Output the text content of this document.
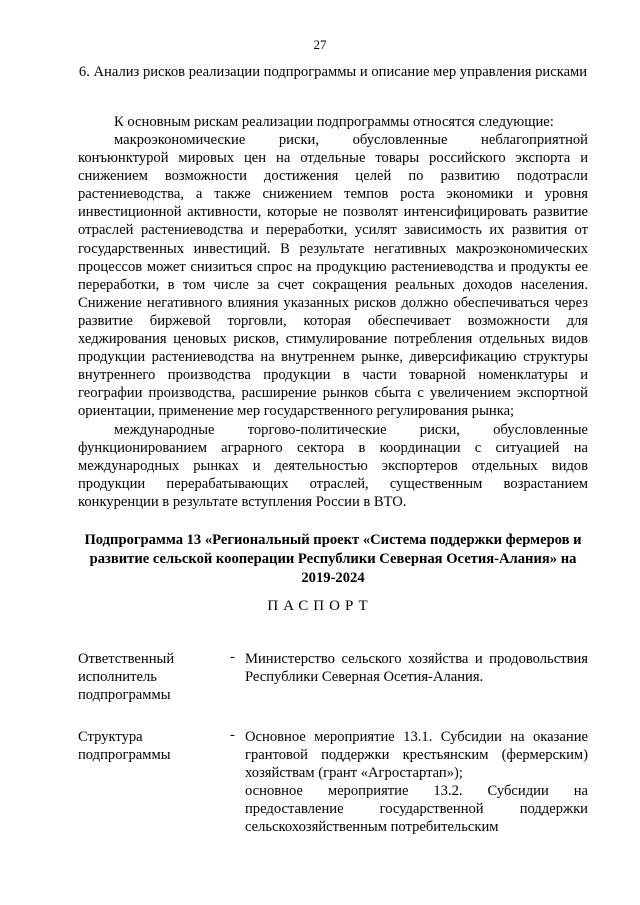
27
6. Анализ рисков реализации подпрограммы и описание мер управления рисками

К основным рискам реализации подпрограммы относятся следующие:

макроэкономические риски, обусловленные неблагоприятной конъюнктурой мировых цен на отдельные товары российского экспорта и снижением возможности достижения целей по развитию подотрасли растениеводства, а также снижением темпов роста экономики и уровня инвестиционной активности, которые не позволят интенсифицировать развитие отраслей растениеводства и переработки, усилят зависимость их развития от государственных инвестиций. В результате негативных макроэкономических процессов может снизиться спрос на продукцию растениеводства и продукты ее переработки, в том числе за счет сокращения реальных доходов населения. Снижение негативного влияния указанных рисков должно обеспечиваться через развитие биржевой торговли, которая обеспечивает возможности для хеджирования ценовых рисков, стимулирование потребления отдельных видов продукции растениеводства на внутреннем рынке, диверсификацию структуры внутреннего производства продукции в части товарной номенклатуры и географии производства, расширение рынков сбыта с увеличением экспортной ориентации, применение мер государственного регулирования рынка;

международные торгово-политические риски, обусловленные функционированием аграрного сектора в координации с ситуацией на международных рынках и деятельностью экспортеров отдельных видов продукции перерабатывающих отраслей, существенным возрастанием конкуренции в результате вступления России в ВТО.

Подпрограмма 13 «Региональный проект «Система поддержки фермеров и развитие сельской кооперации Республики Северная Осетия-Алания» на 2019-2024
ПАСПОРТ
Ответственный исполнитель подпрограммы
- Министерство сельского хозяйства и продовольствия Республики Северная Осетия-Алания.

Структура подпрограммы
- Основное мероприятие 13.1. Субсидии на оказание грантовой поддержки крестьянским (фермерским) хозяйствам (грант «Агростартап»);

основное мероприятие 13.2. Субсидии на предоставление государственной поддержки сельскохозяйственным потребительским
